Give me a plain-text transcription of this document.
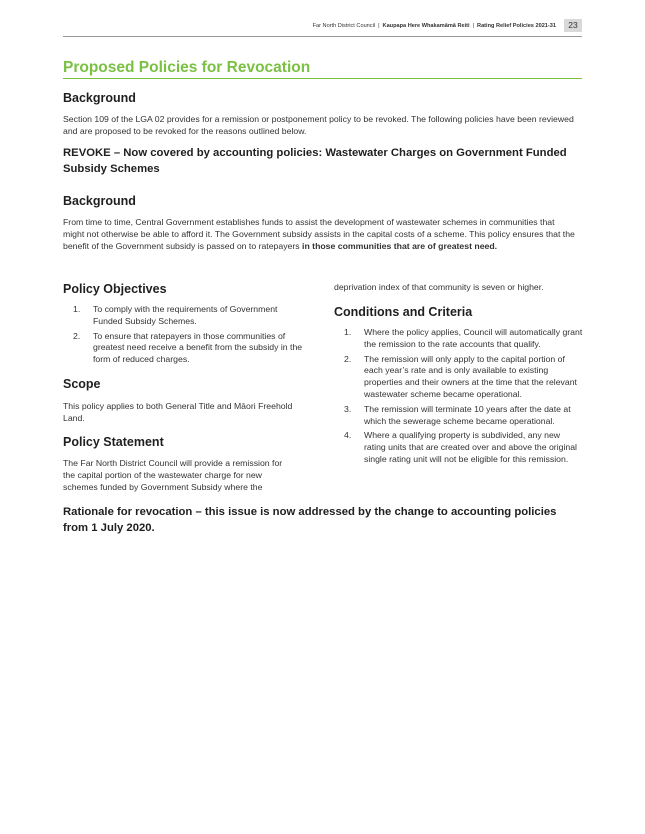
Far North District Council | Kaupapa Here Whakamāmā Reiti | Rating Relief Policies 2021-31	23
Proposed Policies for Revocation
Background

Section 109 of the LGA 02 provides for a remission or postponement policy to be revoked. The following policies have been reviewed and are proposed to be revoked for the reasons outlined below.

REVOKE – Now covered by accounting policies: Wastewater Charges on Government Funded Subsidy Schemes
Background

From time to time, Central Government establishes funds to assist the development of wastewater schemes in communities that might not otherwise be able to afford it. The Government subsidy assists in the capital costs of a scheme. This policy ensures that the benefit of the Government subsidy is passed on to ratepayers in those communities that are of greatest need.

Policy Objectives
1. To comply with the requirements of Government Funded Subsidy Schemes.
2. To ensure that ratepayers in those communities of greatest need receive a benefit from the subsidy in the form of reduced charges.
Scope

This policy applies to both General Title and Māori Freehold Land.

Policy Statement

The Far North District Council will provide a remission for the capital portion of the wastewater charge for new schemes funded by Government Subsidy where the

deprivation index of that community is seven or higher.

Conditions and Criteria
1. Where the policy applies, Council will automatically grant the remission to the rate accounts that qualify.
2. The remission will only apply to the capital portion of each year’s rate and is only available to existing properties and their owners at the time that the relevant wastewater scheme became operational.
3. The remission will terminate 10 years after the date at which the sewerage scheme became operational.
4. Where a qualifying property is subdivided, any new rating units that are created over and above the original single rating unit will not be eligible for this remission.
Rationale for revocation – this issue is now addressed by the change to accounting policies from 1 July 2020.
